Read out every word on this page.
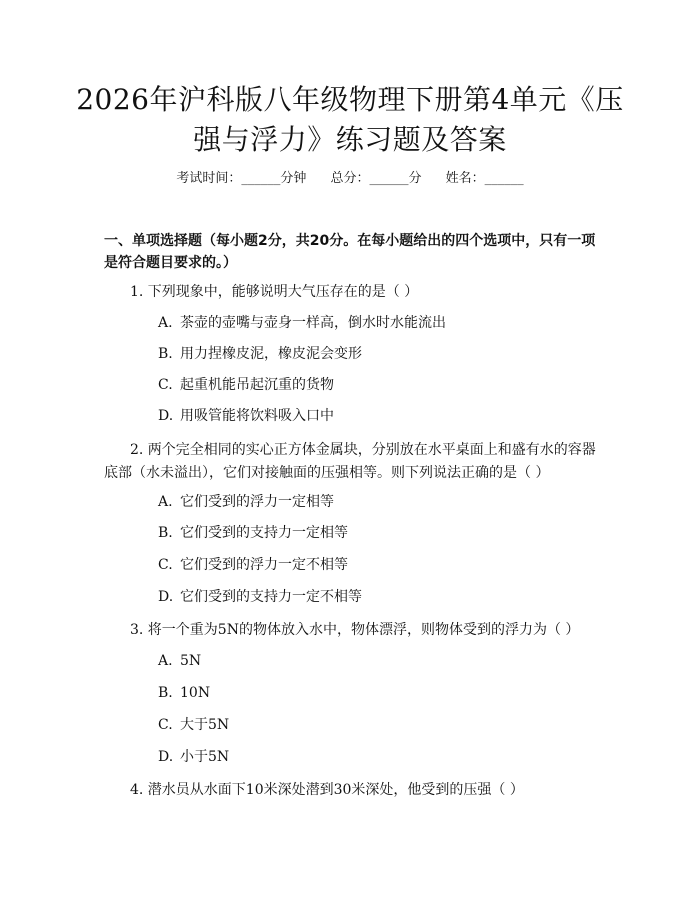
2026年沪科版八年级物理下册第4单元《压
强与浮力》练习题及答案
考试时间：______分钟 总分：______分 姓名：______
一、单项选择题（每小题2分，共20分。在每小题给出的四个选项中，只有一项
是符合题目要求的。）
1. 下列现象中，能够说明大气压存在的是（ ）
A. 茶壶的壶嘴与壶身一样高，倒水时水能流出
B. 用力捏橡皮泥，橡皮泥会变形
C. 起重机能吊起沉重的货物
D. 用吸管能将饮料吸入口中
2. 两个完全相同的实心正方体金属块，分别放在水平桌面上和盛有水的容器
底部（水未溢出），它们对接触面的压强相等。则下列说法正确的是（ ）
A. 它们受到的浮力一定相等
B. 它们受到的支持力一定相等
C. 它们受到的浮力一定不相等
D. 它们受到的支持力一定不相等
3. 将一个重为5N的物体放入水中，物体漂浮，则物体受到的浮力为（ ）
A. 5N
B. 10N
C. 大于5N
D. 小于5N
4. 潜水员从水面下10米深处潜到30米深处，他受到的压强（ ）
